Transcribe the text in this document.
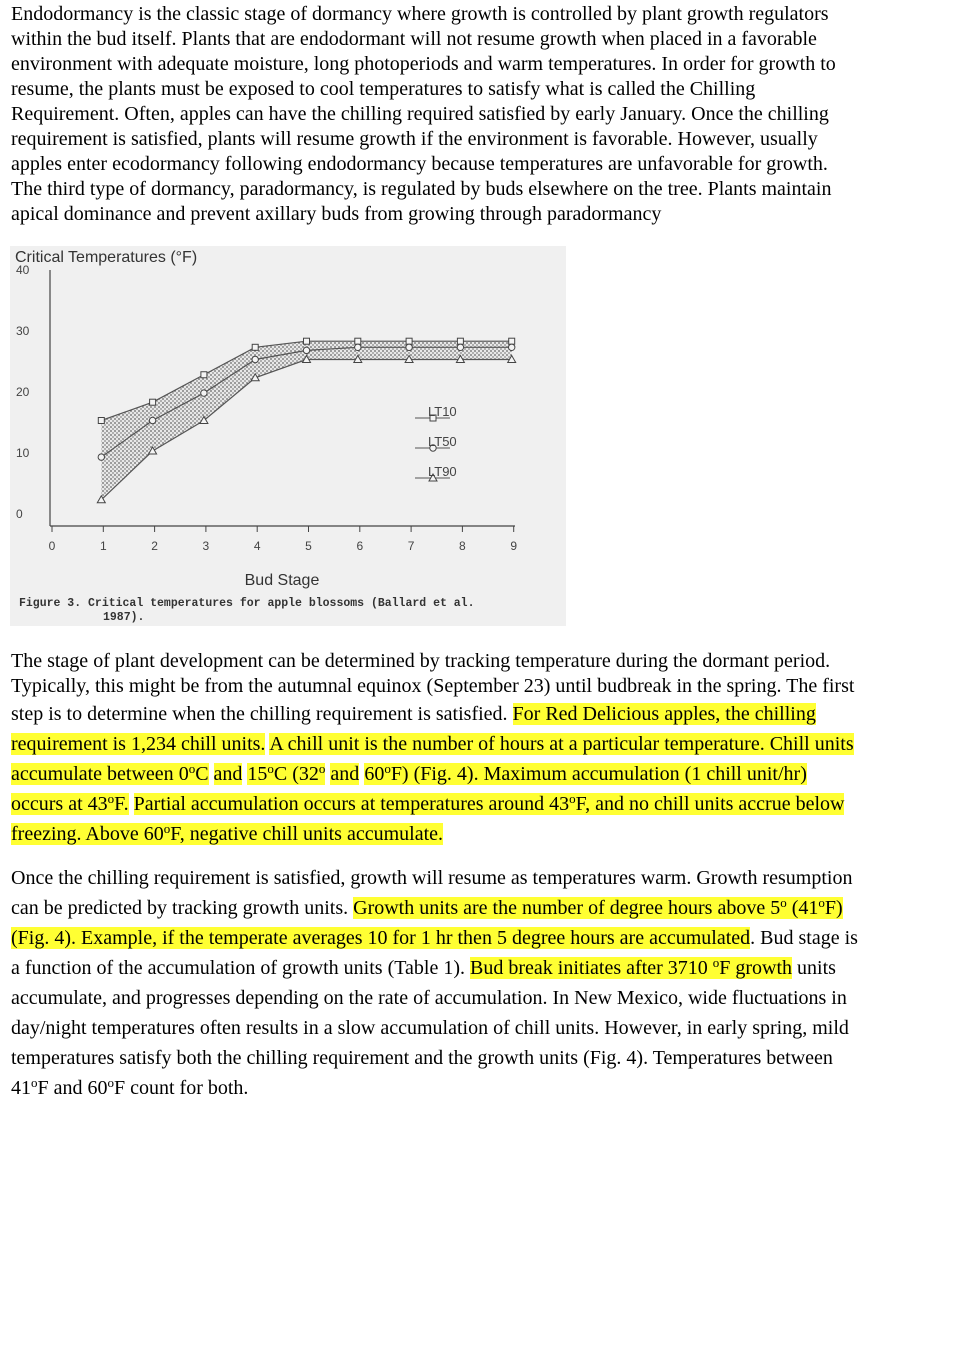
Endodormancy is the classic stage of dormancy where growth is controlled by plant growth regulators
within the bud itself. Plants that are endodormant will not resume growth when placed in a favorable
environment with adequate moisture, long photoperiods and warm temperatures. In order for growth to
resume, the plants must be exposed to cool temperatures to satisfy what is called the Chilling
Requirement. Often, apples can have the chilling required satisfied by early January. Once the chilling
requirement is satisfied, plants will resume growth if the environment is favorable. However, usually
apples enter ecodormancy following endodormancy because temperatures are unfavorable for growth.
The third type of dormancy, paradormancy, is regulated by buds elsewhere on the tree. Plants maintain
apical dominance and prevent axillary buds from growing through paradormancy
Critical Temperatures (°F)
40
30
20
10
0
0	1	2	3	4	5	6	7	8	9
LT10
LT50
LT90
Bud Stage
Figure 3. Critical temperatures for apple blossoms (Ballard et al.
1987).
The stage of plant development can be determined by tracking temperature during the dormant period.
Typically, this might be from the autumnal equinox (September 23) until budbreak in the spring. The first
step is to determine when the chilling requirement is satisfied. For Red Delicious apples, the chilling
requirement is 1,234 chill units. A chill unit is the number of hours at a particular temperature. Chill units
accumulate between 0$^o$C and 15$^o$C (32$^o$ and 60$^o$F) (Fig. 4). Maximum accumulation (1 chill unit/hr)
occurs at 43$^o$F. Partial accumulation occurs at temperatures around 43$^o$F, and no chill units accrue below
freezing. Above 60$^o$F, negative chill units accumulate.
Once the chilling requirement is satisfied, growth will resume as temperatures warm. Growth resumption
can be predicted by tracking growth units. Growth units are the number of degree hours above 5$^o$ (41$^o$F)
(Fig. 4). Example, if the temperate averages 10 for 1 hr then 5 degree hours are accumulated. Bud stage is
a function of the accumulation of growth units (Table 1). Bud break initiates after 3710 $^o$F growth units
accumulate, and progresses depending on the rate of accumulation. In New Mexico, wide fluctuations in
day/night temperatures often results in a slow accumulation of chill units. However, in early spring, mild
temperatures satisfy both the chilling requirement and the growth units (Fig. 4). Temperatures between
41$^o$F and 60$^o$F count for both.
